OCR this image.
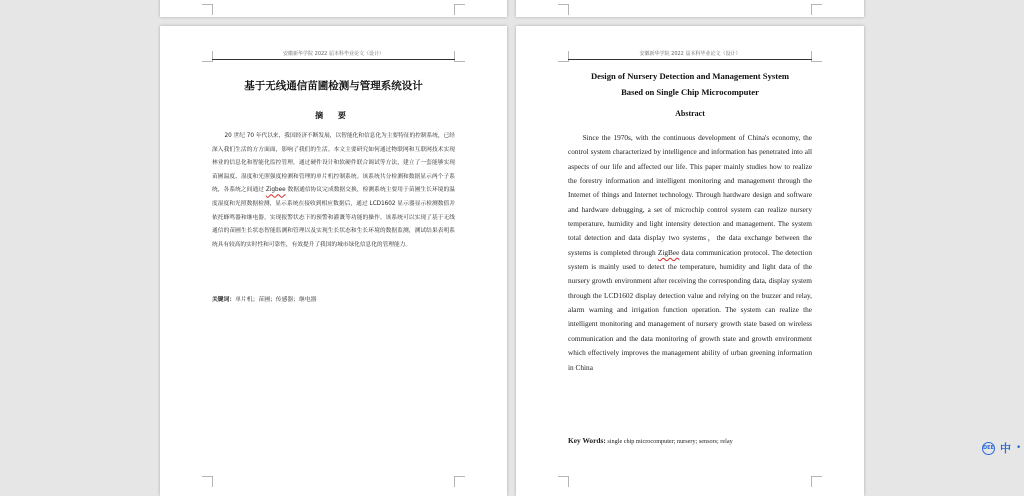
安徽新华学院 2022 届本科毕业论文（设计）
基于无线通信苗圃检测与管理系统设计
摘 要
20 世纪 70 年代以来，我国经济不断发展，以智能化和信息化为主要特征的控制系统，已经深入我们生活的方方面面，影响了我们的生活。本文主要研究如何通过物联网和互联网技术实现林业的信息化和智能化监控管理，通过硬件设计和软硬件联合调试等方法，建立了一套能够实现苗圃温度、湿度和光照强度检测和管理的单片机控制系统。该系统共分检测和数据显示两个子系统，各系统之间通过 Zigbee 数据通信协议完成数据交换，检测系统主要用于苗圃生长环境的温度湿度和光照数据检测，显示系统在接收到相应数据后，通过 LCD1602 显示器显示检测数值并依托蜂鸣器和继电器，实现报警状态下的预警和灌溉等功能的操作。该系统可以实现了基于无线通信的苗圃生长状态智能监测和管理以及实现生长状态和生长环境的数据监测，测试结果表明系统具有较高的实时性和可靠性，有效提升了我国的城市绿化信息化的管理能力。
关键词：单片机；苗圃；传感器；继电器
安徽新华学院 2022 届本科毕业论文（设计）
Design of Nursery Detection and Management System
Based on Single Chip Microcomputer
Abstract
Since the 1970s, with the continuous development of China's economy, the control system characterized by intelligence and information has penetrated into all aspects of our life and affected our life. This paper mainly studies how to realize the forestry information and intelligent monitoring and management through the Internet of things and Internet technology. Through hardware design and software and hardware debugging, a set of microchip control system can realize nursery temperature, humidity and light intensity detection and management. The system total detection and data display two systems，the data exchange between the systems is completed through ZigBee data communication protocol. The detection system is mainly used to detect the temperature, humidity and light data of the nursery growth environment after receiving the corresponding data, display system through the LCD1602 display detection value and relying on the buzzer and relay, alarm warning and irrigation function operation. The system can realize the intelligent monitoring and management of nursery growth state based on wireless communication and the data monitoring of growth state and growth environment which effectively improves the management ability of urban greening information in China
Key Words: single chip microcomputer; nursery; sensors; relay
DEE 中 •
